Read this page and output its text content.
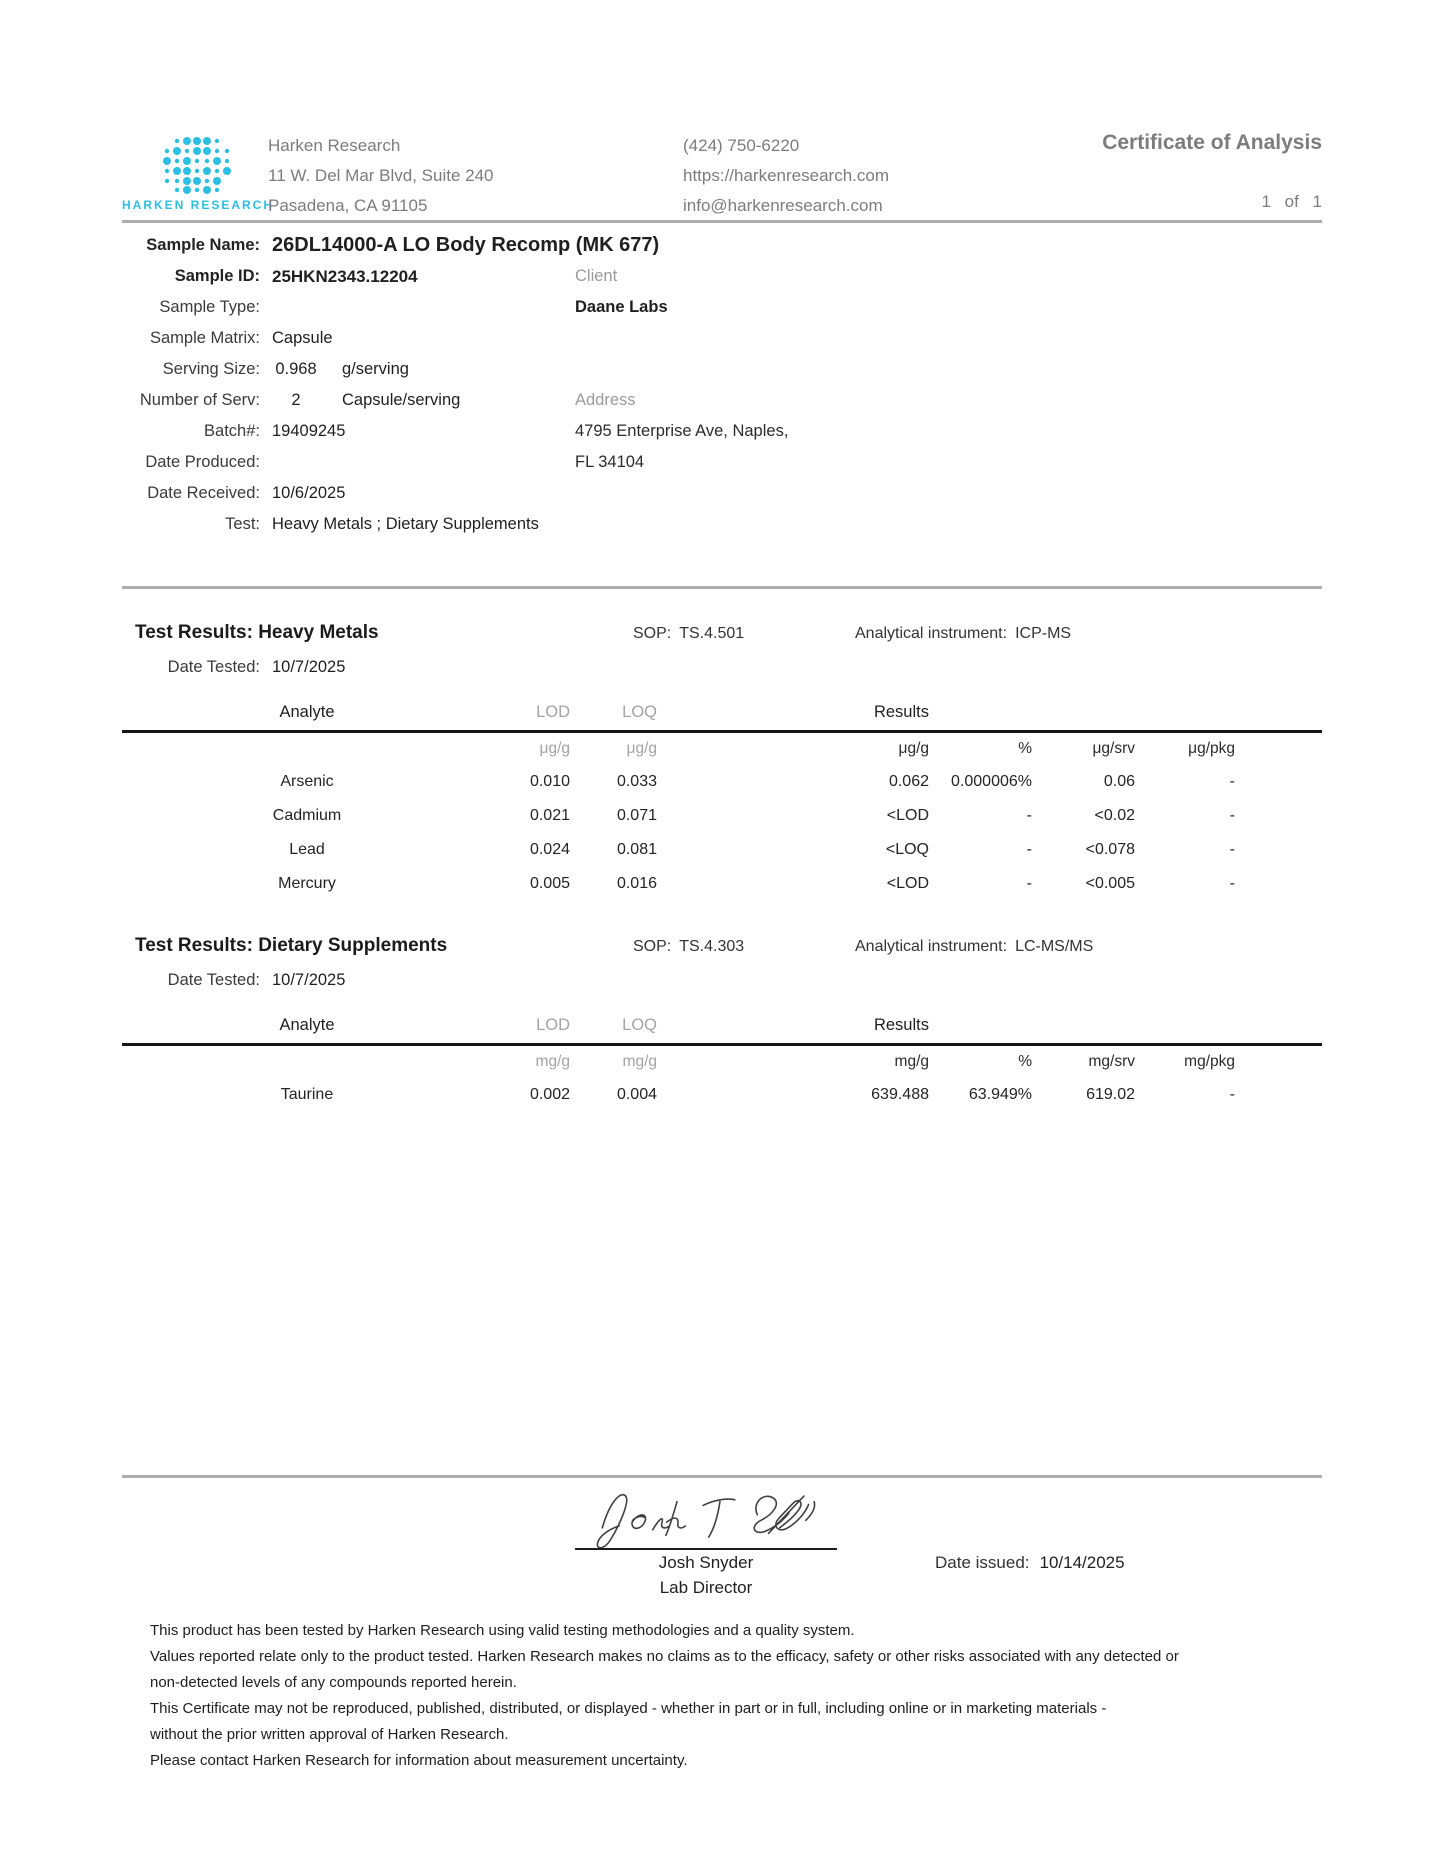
HARKEN RESEARCH
Harken Research
11 W. Del Mar Blvd, Suite 240
Pasadena, CA 91105
(424) 750-6220
https://harkenresearch.com
info@harkenresearch.com
Certificate of Analysis
1 of 1
Sample Name: 26DL14000-A LO Body Recomp (MK 677)
Sample ID: 25HKN2343.12204
Sample Type:
Sample Matrix: Capsule
Serving Size: 0.968 g/serving
Number of Serv:	2	Capsule/serving
Batch#: 19409245
Date Produced:
Date Received: 10/6/2025
Test: Heavy Metals ; Dietary Supplements
Client
Daane Labs
Address
4795 Enterprise Ave, Naples,
FL 34104
Test Results: Heavy Metals	SOP: TS.4.501	Analytical instrument: ICP-MS
Date Tested: 10/7/2025
Analyte	LOD	LOQ	Results				
	μg/g	μg/g	μg/g	%	μg/srv	μg/pkg	
Arsenic	0.010	0.033	0.062	0.000006%	0.06	-	
Cadmium	0.021	0.071	<LOD	-	<0.02	-	
Lead	0.024	0.081	<LOQ	-	<0.078	-	
Mercury	0.005	0.016	<LOD	-	<0.005	-	
Test Results: Dietary Supplements	SOP: TS.4.303	Analytical instrument: LC-MS/MS
Date Tested: 10/7/2025
Analyte	LOD	LOQ	Results				
	mg/g	mg/g	mg/g	%	mg/srv	mg/pkg	
Taurine	0.002	0.004	639.488	63.949%	619.02	-	
Josh Snyder
Lab Director
Date issued: 10/14/2025
This product has been tested by Harken Research using valid testing methodologies and a quality system.
Values reported relate only to the product tested. Harken Research makes no claims as to the efficacy, safety or other risks associated with any detected or
non-detected levels of any compounds reported herein.
This Certificate may not be reproduced, published, distributed, or displayed - whether in part or in full, including online or in marketing materials -
without the prior written approval of Harken Research.
Please contact Harken Research for information about measurement uncertainty.
